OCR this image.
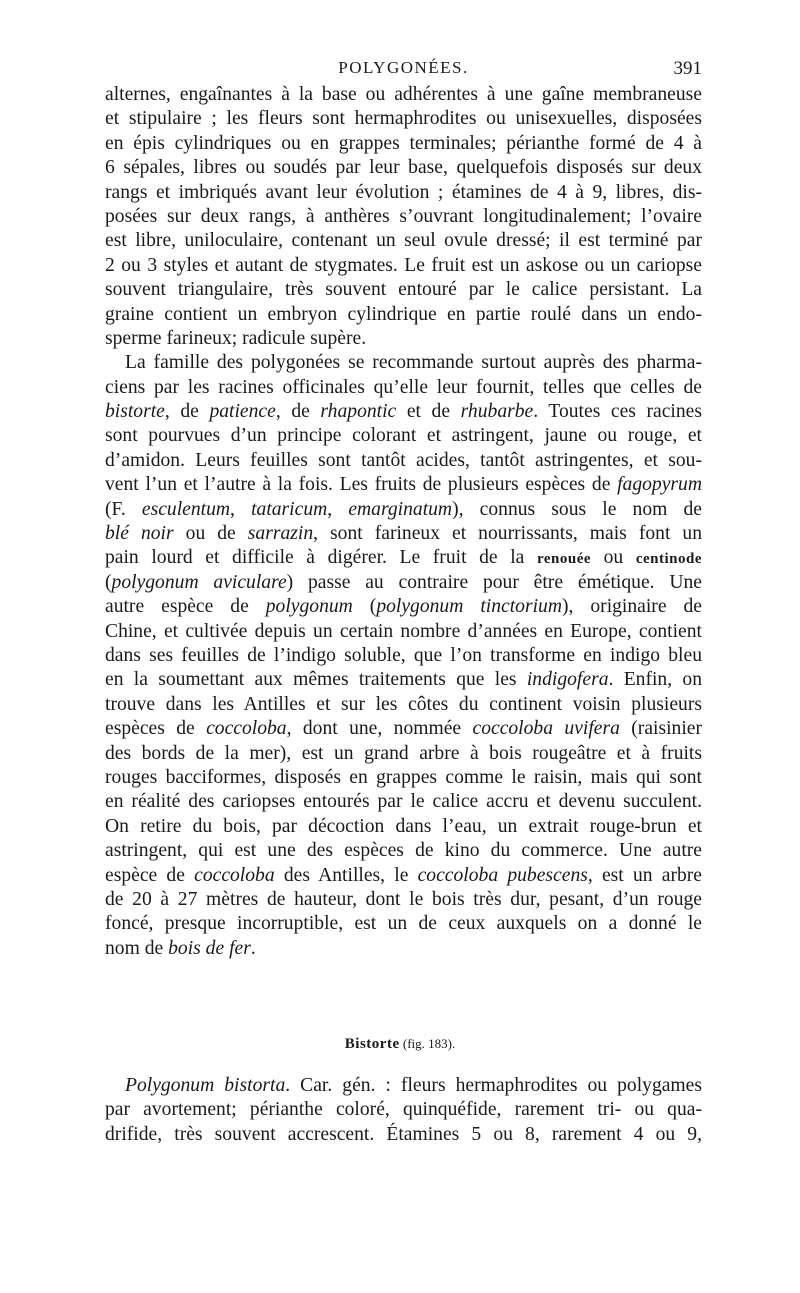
POLYGONÉES.	391
alternes, engaînantes à la base ou adhérentes à une gaîne membraneuse
et stipulaire ; les fleurs sont hermaphrodites ou unisexuelles, disposées
en épis cylindriques ou en grappes terminales; périanthe formé de 4 à
6 sépales, libres ou soudés par leur base, quelquefois disposés sur deux
rangs et imbriqués avant leur évolution ; étamines de 4 à 9, libres, dis-
posées sur deux rangs, à anthères s’ouvrant longitudinalement; l’ovaire
est libre, uniloculaire, contenant un seul ovule dressé; il est terminé par
2 ou 3 styles et autant de stygmates. Le fruit est un askose ou un cariopse
souvent triangulaire, très souvent entouré par le calice persistant. La
graine contient un embryon cylindrique en partie roulé dans un endo-
sperme farineux; radicule supère.
La famille des polygonées se recommande surtout auprès des pharma-
ciens par les racines officinales qu’elle leur fournit, telles que celles de
bistorte, de patience, de rhapontic et de rhubarbe. Toutes ces racines
sont pourvues d’un principe colorant et astringent, jaune ou rouge, et
d’amidon. Leurs feuilles sont tantôt acides, tantôt astringentes, et sou-
vent l’un et l’autre à la fois. Les fruits de plusieurs espèces de fagopyrum
(F. esculentum, tataricum, emarginatum), connus sous le nom de
blé noir ou de sarrazin, sont farineux et nourrissants, mais font un
pain lourd et difficile à digérer. Le fruit de la renouée ou centinode
(polygonum aviculare) passe au contraire pour être émétique. Une
autre espèce de polygonum (polygonum tinctorium), originaire de
Chine, et cultivée depuis un certain nombre d’années en Europe, contient
dans ses feuilles de l’indigo soluble, que l’on transforme en indigo bleu
en la soumettant aux mêmes traitements que les indigofera. Enfin, on
trouve dans les Antilles et sur les côtes du continent voisin plusieurs
espèces de coccoloba, dont une, nommée coccoloba uvifera (raisinier
des bords de la mer), est un grand arbre à bois rougeâtre et à fruits
rouges bacciformes, disposés en grappes comme le raisin, mais qui sont
en réalité des cariopses entourés par le calice accru et devenu succulent.
On retire du bois, par décoction dans l’eau, un extrait rouge-brun et
astringent, qui est une des espèces de kino du commerce. Une autre
espèce de coccoloba des Antilles, le coccoloba pubescens, est un arbre
de 20 à 27 mètres de hauteur, dont le bois très dur, pesant, d’un rouge
foncé, presque incorruptible, est un de ceux auxquels on a donné le
nom de bois de fer.
Bistorte (fig. 183).
Polygonum bistorta. Car. gén. : fleurs hermaphrodites ou polygames
par avortement; périanthe coloré, quinquéfide, rarement tri- ou qua-
drifide, très souvent accrescent. Étamines 5 ou 8, rarement 4 ou 9,
